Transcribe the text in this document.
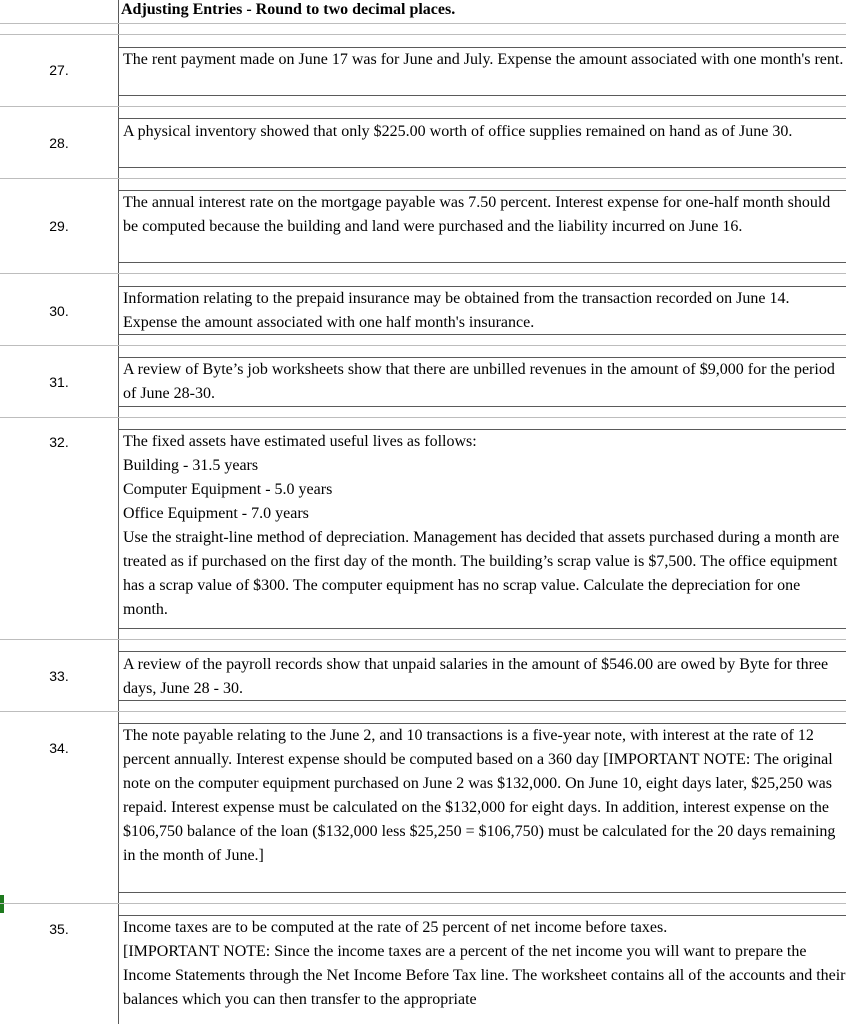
Adjusting Entries - Round to two decimal places.
27.
The rent payment made on June 17 was for June and July. Expense the amount associated with one month's rent.
28.
A physical inventory showed that only $225.00 worth of office supplies remained on hand as of June 30.
29.
The annual interest rate on the mortgage payable was 7.50 percent. Interest expense for one-half month should be computed because the building and land were purchased and the liability incurred on June 16.
30.
Information relating to the prepaid insurance may be obtained from the transaction recorded on June 14. Expense the amount associated with one half month's insurance.
31.
A review of Byte’s job worksheets show that there are unbilled revenues in the amount of $9,000 for the period of June 28-30.
32.	The fixed assets have estimated useful lives as follows:
Building - 31.5 years
Computer Equipment - 5.0 years
Office Equipment - 7.0 years
Use the straight-line method of depreciation. Management has decided that assets purchased during a month are treated as if purchased on the first day of the month. The building’s scrap value is $7,500. The office equipment has a scrap value of $300. The computer equipment has no scrap value. Calculate the depreciation for one month.
33.
A review of the payroll records show that unpaid salaries in the amount of $546.00 are owed by Byte for three days, June 28 - 30.
34.
The note payable relating to the June 2, and 10 transactions is a five-year note, with interest at the rate of 12 percent annually. Interest expense should be computed based on a 360 day [IMPORTANT NOTE: The original note on the computer equipment purchased on June 2 was $132,000. On June 10, eight days later, $25,250 was repaid. Interest expense must be calculated on the $132,000 for eight days. In addition, interest expense on the $106,750 balance of the loan ($132,000 less $25,250 = $106,750) must be calculated for the 20 days remaining in the month of June.]
35.	Income taxes are to be computed at the rate of 25 percent of net income before taxes.
[IMPORTANT NOTE: Since the income taxes are a percent of the net income you will want to prepare the Income Statements through the Net Income Before Tax line. The worksheet contains all of the accounts and their balances which you can then transfer to the appropriate
